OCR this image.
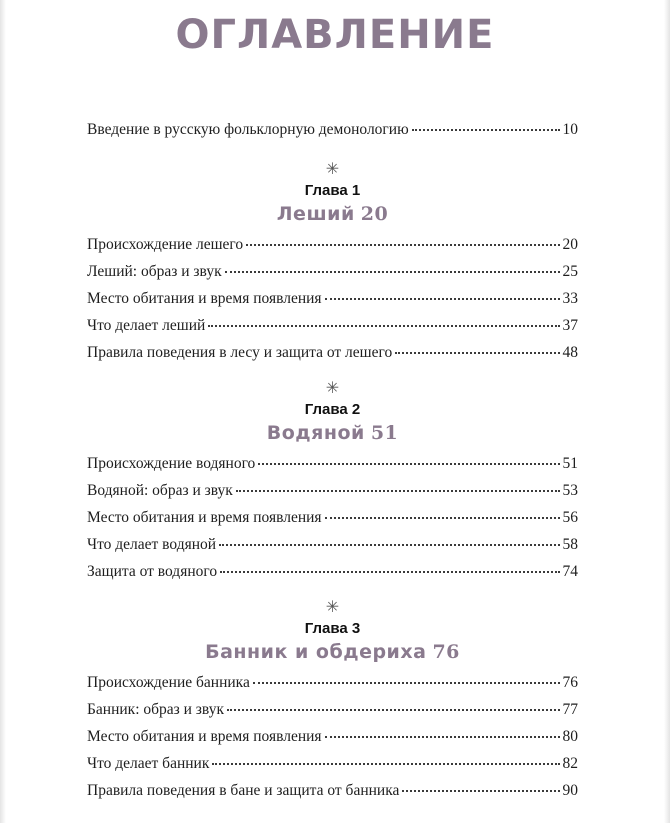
ОГЛАВЛЕНИЕ
Введение в русскую фольклорную демонологию	10
✳
Глава 1
Леший 20
Происхождение лешего	20
Леший: образ и звук	25
Место обитания и время появления	33
Что делает леший	37
Правила поведения в лесу и защита от лешего	48
✳
Глава 2
Водяной 51
Происхождение водяного	51
Водяной: образ и звук	53
Место обитания и время появления	56
Что делает водяной	58
Защита от водяного	74
✳
Глава 3
Банник и обдериха 76
Происхождение банника	76
Банник: образ и звук	77
Место обитания и время появления	80
Что делает банник	82
Правила поведения в бане и защита от банника	90
